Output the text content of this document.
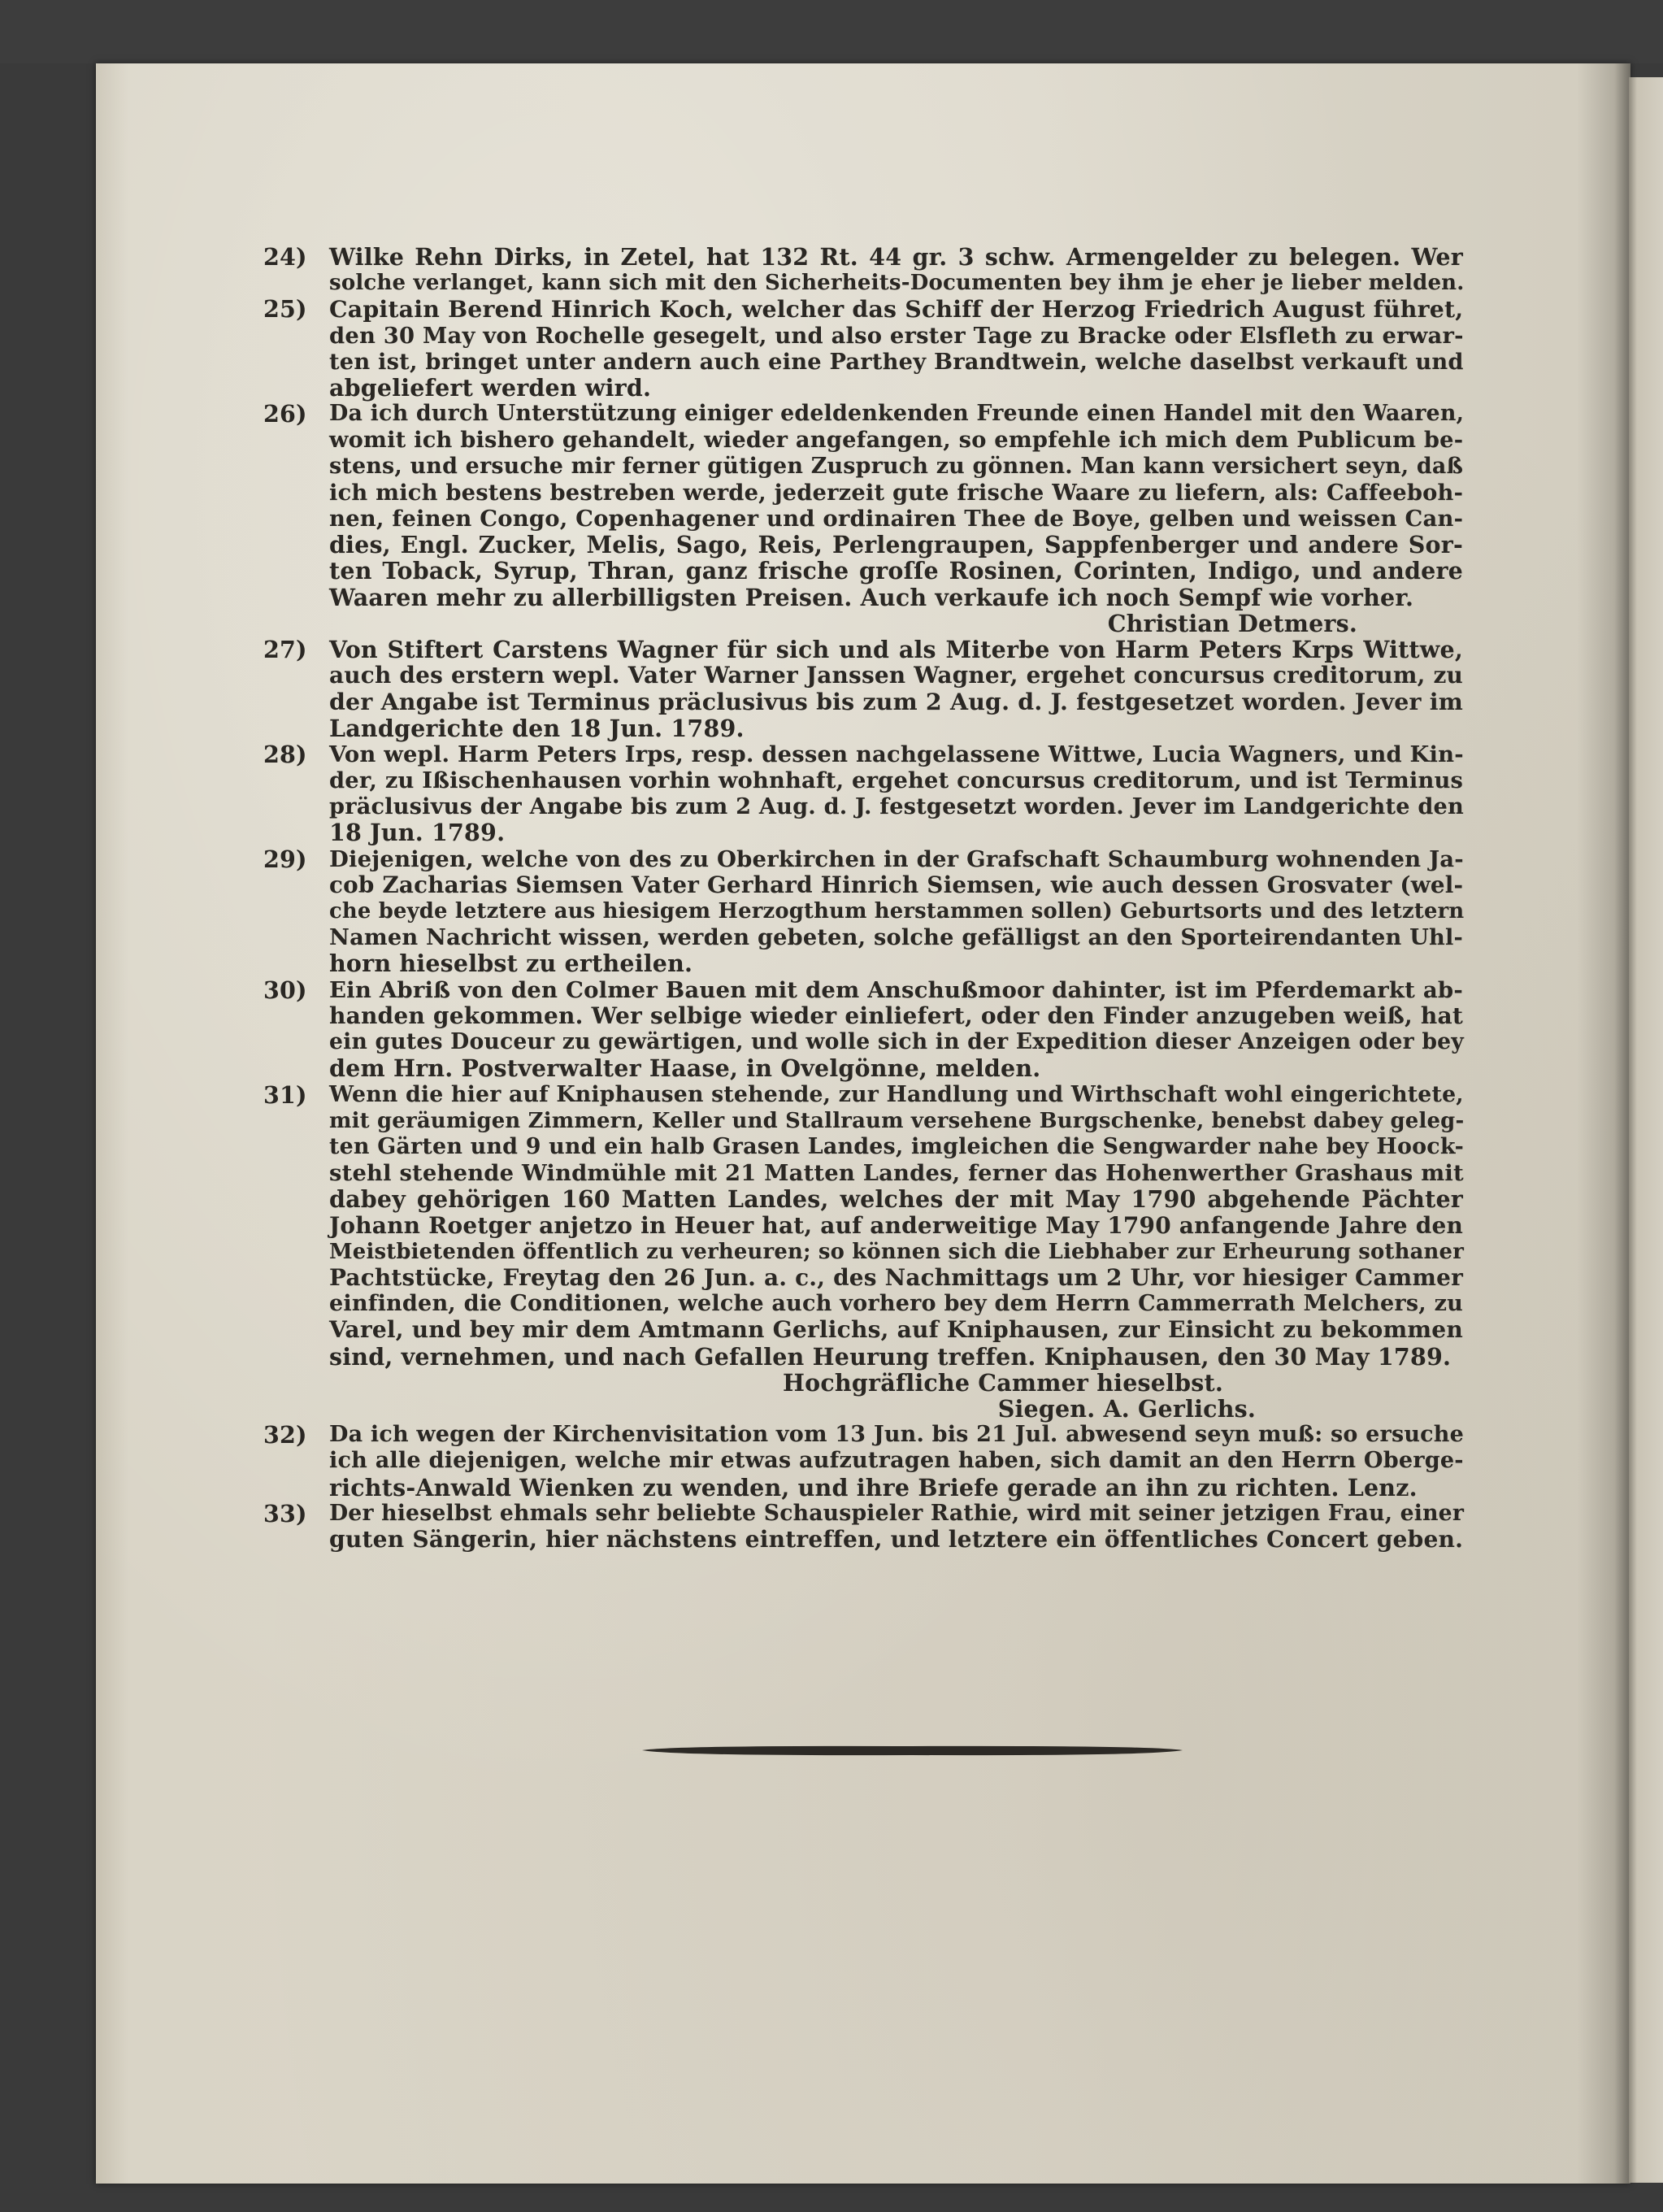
24) Wilke Rehn Dirks, in Zetel, hat 132 Rt. 44 gr. 3 schw. Armengelder zu belegen. Wer
solche verlanget, kann sich mit den Sicherheits-Documenten bey ihm je eher je lieber melden.
25) Capitain Berend Hinrich Koch, welcher das Schiff der Herzog Friedrich August führet,
den 30 May von Rochelle gesegelt, und also erster Tage zu Bracke oder Elsfleth zu erwar-
ten ist, bringet unter andern auch eine Parthey Brandtwein, welche daselbst verkauft und
abgeliefert werden wird.
26)	Da ich durch Unterstützung einiger edeldenkenden Freunde einen Handel mit den Waaren,
womit ich bishero gehandelt, wieder angefangen, so empfehle ich mich dem Publicum be-
stens, und ersuche mir ferner gütigen Zuspruch zu gönnen. Man kann versichert seyn, daß
ich mich bestens bestreben werde, jederzeit gute frische Waare zu liefern, als: Caffeeboh-
nen, feinen Congo, Copenhagener und ordinairen Thee de Boye, gelben und weissen Can-
dies, Engl. Zucker, Melis, Sago, Reis, Perlengraupen, Sappfenberger und andere Sor-
ten Toback, Syrup, Thran, ganz frische groſſe Rosinen, Corinten, Indigo, und andere
Waaren mehr zu allerbilligsten Preisen. Auch verkaufe ich noch Sempf wie vorher.
Christian Detmers.
27) Von Stiftert Carstens Wagner für sich und als Miterbe von Harm Peters Krps Wittwe,
auch des erstern wepl. Vater Warner Janssen Wagner, ergehet concursus creditorum, zu
der Angabe ist Terminus präclusivus bis zum 2 Aug. d. J. festgesetzet worden. Jever im
Landgerichte den 18 Jun. 1789.
28) Von wepl. Harm Peters Irps, resp. dessen nachgelassene Wittwe, Lucia Wagners, und Kin-
der, zu Ißischenhausen vorhin wohnhaft, ergehet concursus creditorum, und ist Terminus
präclusivus der Angabe bis zum 2 Aug. d. J. festgesetzt worden. Jever im Landgerichte den
18 Jun. 1789.
29) Diejenigen, welche von des zu Oberkirchen in der Grafschaft Schaumburg wohnenden Ja-
cob Zacharias Siemsen Vater Gerhard Hinrich Siemsen, wie auch dessen Grosvater (wel-
che beyde letztere aus hiesigem Herzogthum herstammen sollen) Geburtsorts und des letztern
Namen Nachricht wissen, werden gebeten, solche gefälligst an den Sporteirendanten Uhl-
horn hieselbst zu ertheilen.
30) Ein Abriß von den Colmer Bauen mit dem Anschußmoor dahinter, ist im Pferdemarkt ab-
handen gekommen. Wer selbige wieder einliefert, oder den Finder anzugeben weiß, hat
ein gutes Douceur zu gewärtigen, und wolle sich in der Expedition dieser Anzeigen oder bey
dem Hrn. Postverwalter Haase, in Ovelgönne, melden.
31)	Wenn die hier auf Kniphausen stehende, zur Handlung und Wirthschaft wohl eingerichtete,
mit geräumigen Zimmern, Keller und Stallraum versehene Burgschenke, benebst dabey geleg-
ten Gärten und 9 und ein halb Grasen Landes, imgleichen die Sengwarder nahe bey Hoock-
stehl stehende Windmühle mit 21 Matten Landes, ferner das Hohenwerther Grashaus mit
dabey gehörigen 160 Matten Landes, welches der mit May 1790 abgehende Pächter
Johann Roetger anjetzo in Heuer hat, auf anderweitige May 1790 anfangende Jahre den
Meistbietenden öffentlich zu verheuren; so können sich die Liebhaber zur Erheurung sothaner
Pachtstücke, Freytag den 26 Jun. a. c., des Nachmittags um 2 Uhr, vor hiesiger Cammer
einfinden, die Conditionen, welche auch vorhero bey dem Herrn Cammerrath Melchers, zu
Varel, und bey mir dem Amtmann Gerlichs, auf Kniphausen, zur Einsicht zu bekommen
sind, vernehmen, und nach Gefallen Heurung treffen. Kniphausen, den 30 May 1789.
Hochgräfliche Cammer hieselbst.
Siegen. A. Gerlichs.
32)	Da ich wegen der Kirchenvisitation vom 13 Jun. bis 21 Jul. abwesend seyn muß: so ersuche
ich alle diejenigen, welche mir etwas aufzutragen haben, sich damit an den Herrn Oberge-
richts-Anwald Wienken zu wenden, und ihre Briefe gerade an ihn zu richten. Lenz.
33)	Der hieselbst ehmals sehr beliebte Schauspieler Rathie, wird mit seiner jetzigen Frau, einer
guten Sängerin, hier nächstens eintreffen, und letztere ein öffentliches Concert geben.
